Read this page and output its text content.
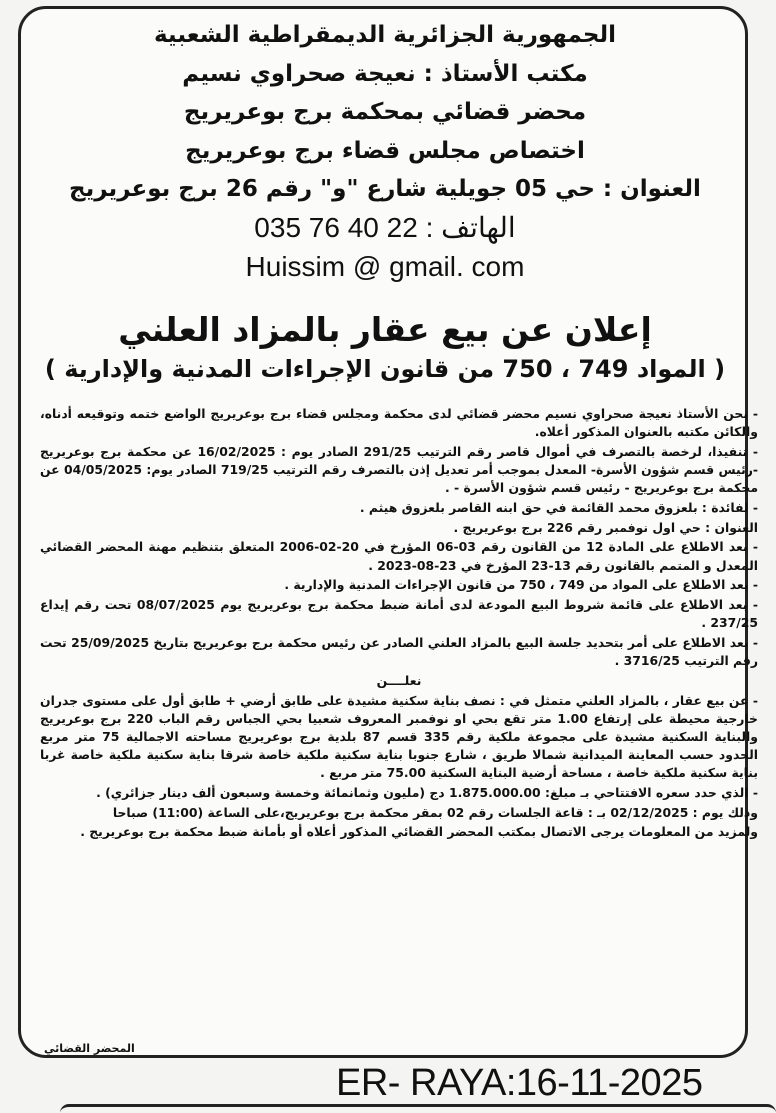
الجمهورية الجزائرية الديمقراطية الشعبية
مكتب الأستاذ : نعيجة صحراوي نسيم
محضر قضائي بمحكمة برج بوعريريج
اختصاص مجلس قضاء برج بوعريريج
العنوان : حي 05 جويلية شارع "و" رقم 26 برج بوعريريج
الهاتف : 22 40 76 035
Huissim @ gmail. com
إعلان عن بيع عقار بالمزاد العلني
( المواد 749 ، 750 من قانون الإجراءات المدنية والإدارية )

- نحن الأستاذ نعيجة صحراوي نسيم محضر قضائي لدى محكمة ومجلس قضاء برج بوعريريج الواضع ختمه وتوقيعه أدناه، والكائن مكتبه بالعنوان المذكور أعلاه.

- تنفيذا، لرخصة بالتصرف في أموال قاصر رقم الترتيب 291/25 الصادر يوم : 16/02/2025 عن محكمة برج بوعريريج -رئيس قسم شؤون الأسرة- المعدل بموجب أمر تعديل إذن بالتصرف رقم الترتيب 719/25 الصادر يوم: 04/05/2025 عن محكمة برج بوعريريج - رئيس قسم شؤون الأسرة - .

- لفائدة : بلعزوق محمد القائمة في حق ابنه القاصر بلعزوق هيثم .

العنوان : حي اول نوفمبر رقم 226 برج بوعريريج .

- بعد الاطلاع على المادة 12 من القانون رقم 03-06 المؤرخ في 20-02-2006 المتعلق بتنظيم مهنة المحضر القضائي المعدل و المتمم بالقانون رقم 13-23 المؤرخ في 23-08-2023 .

- بعد الاطلاع على المواد من 749 ، 750 من قانون الإجراءات المدنية والإدارية .

- بعد الاطلاع على قائمة شروط البيع المودعة لدى أمانة ضبط محكمة برج بوعريريج يوم 08/07/2025 تحت رقم إيداع 237/25 .

- بعد الاطلاع على أمر بتحديد جلسة البيع بالمزاد العلني الصادر عن رئيس محكمة برج بوعريريج بتاريخ 25/09/2025 تحت رقم الترتيب 3716/25 .

نعلــــن

- عن بيع عقار ، بالمزاد العلني متمثل في : نصف بناية سكنية مشيدة على طابق أرضي + طابق أول على مستوى جدران خارجية محيطة على إرتفاع 1.00 متر تقع بحي او نوفمبر المعروف شعبيا بحي الجباس رقم الباب 220 برج بوعريريج والبناية السكنية مشيدة على مجموعة ملكية رقم 335 قسم 87 بلدية برج بوعريريج مساحته الاجمالية 75 متر مربع الحدود حسب المعاينة الميدانية شمالا طريق ، شارع جنوبا بناية سكنية ملكية خاصة شرقا بناية سكنية ملكية خاصة غربا بناية سكنية ملكية خاصة ، مساحة أرضية البناية السكنية 75.00 متر مربع .

- الذي حدد سعره الافتتاحي بـ مبلغ: 1.875.000.00 دج (مليون وثمانمائة وخمسة وسبعون ألف دينار جزائري) .

وذلك يوم : 02/12/2025 بـ : قاعة الجلسات رقم 02 بمقر محكمة برج بوعريريج،على الساعة (11:00) صباحا

ولمزيد من المعلومات يرجى الاتصال بمكتب المحضر القضائي المذكور أعلاه أو بأمانة ضبط محكمة برج بوعريريج .

المحضر القضائي
ER- RAYA:16-11-2025
